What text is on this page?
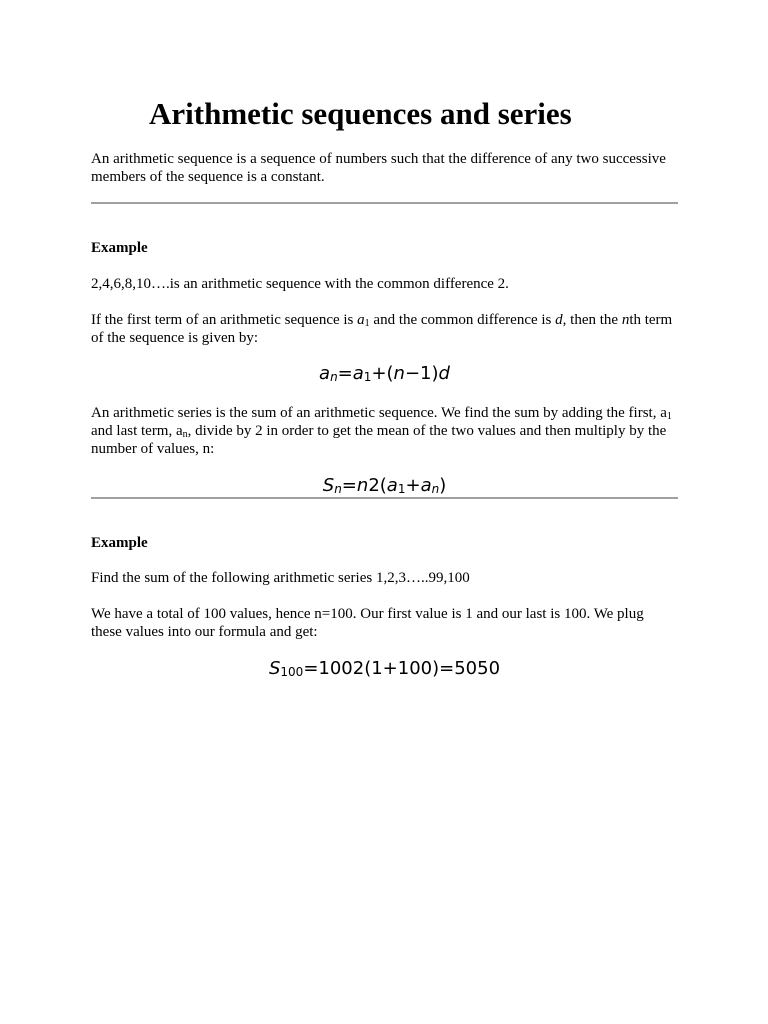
Arithmetic sequences and series

An arithmetic sequence is a sequence of numbers such that the difference of any two successive members of the sequence is a constant.

Example

2,4,6,8,10….is an arithmetic sequence with the common difference 2.

If the first term of an arithmetic sequence is $a_1$ and the common difference is d, then the nth term of the sequence is given by:

an=a1+(n−1)d

An arithmetic series is the sum of an arithmetic sequence. We find the sum by adding the first, $a_1$ and last term, $a_n$, divide by 2 in order to get the mean of the two values and then multiply by the number of values, n:

Sn=n2(a1+an)

Example

Find the sum of the following arithmetic series 1,2,3…..99,100

We have a total of 100 values, hence n=100. Our first value is 1 and our last is 100. We plug these values into our formula and get:

S100=1002(1+100)=5050
